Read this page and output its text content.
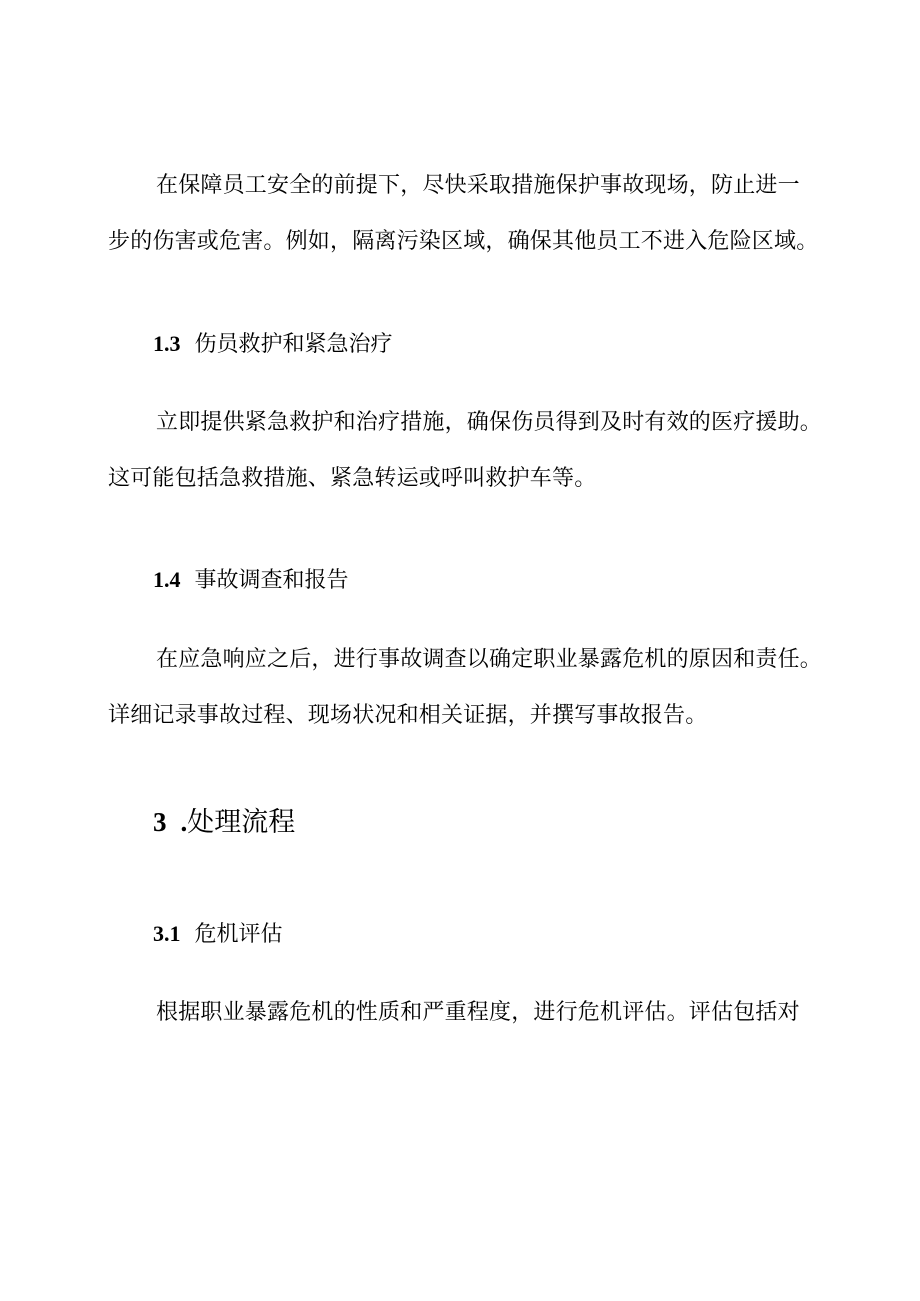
在保障员工安全的前提下，尽快采取措施保护事故现场，防止进一
步的伤害或危害。例如，隔离污染区域，确保其他员工不进入危险区域。

1.3 伤员救护和紧急治疗

立即提供紧急救护和治疗措施，确保伤员得到及时有效的医疗援助。
这可能包括急救措施、紧急转运或呼叫救护车等。

1.4 事故调查和报告

在应急响应之后，进行事故调查以确定职业暴露危机的原因和责任。
详细记录事故过程、现场状况和相关证据，并撰写事故报告。

3 .处理流程
3.1 危机评估

根据职业暴露危机的性质和严重程度，进行危机评估。评估包括对
